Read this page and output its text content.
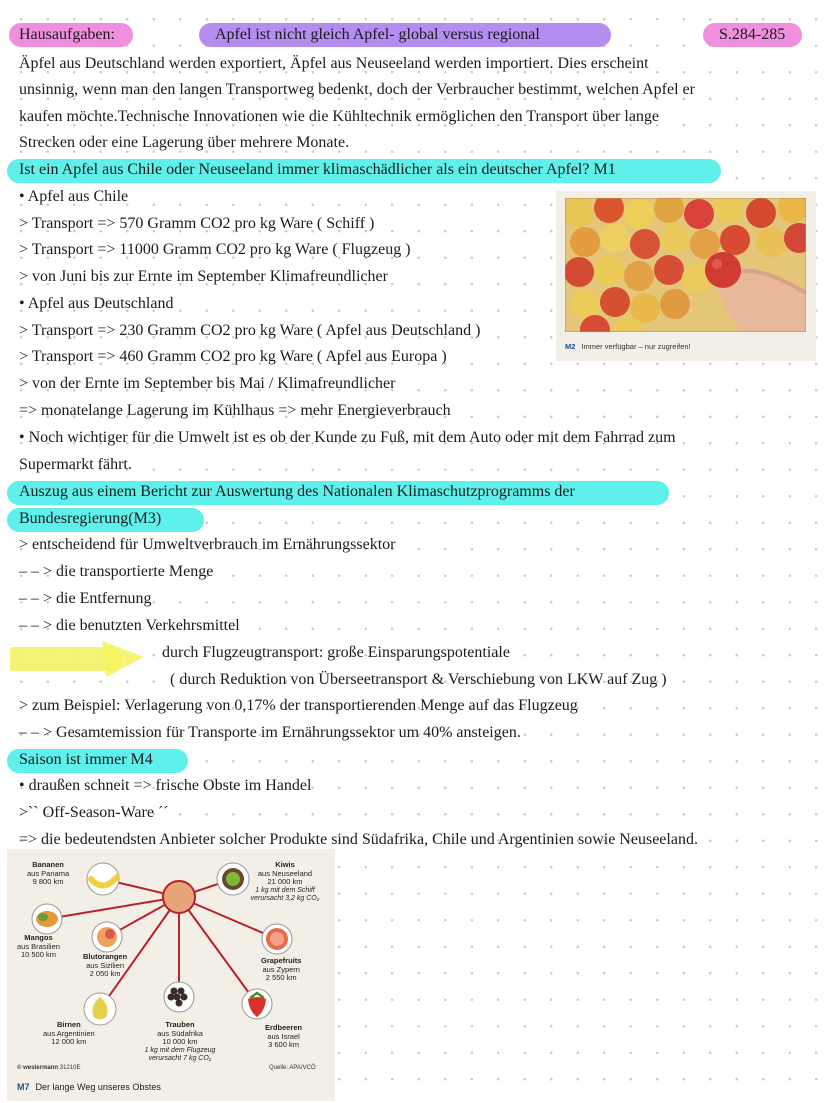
Hausaufgaben:	Apfel ist nicht gleich Apfel- global versus regional	S.284-285
Äpfel aus Deutschland werden exportiert, Äpfel aus Neuseeland werden importiert. Dies erscheint
unsinnig, wenn man den langen Transportweg bedenkt, doch der Verbraucher bestimmt, welchen Apfel er
kaufen möchte.Technische Innovationen wie die Kühltechnik ermöglichen den Transport über lange
Strecken oder eine Lagerung über mehrere Monate.
Ist ein Apfel aus Chile oder Neuseeland immer klimaschädlicher als ein deutscher Apfel? M1
• Apfel aus Chile
> Transport => 570 Gramm CO2 pro kg Ware ( Schiff )
> Transport => 11000 Gramm CO2 pro kg Ware ( Flugzeug )
> von Juni bis zur Ernte im September Klimafreundlicher
• Apfel aus Deutschland
> Transport => 230 Gramm CO2 pro kg Ware ( Apfel aus Deutschland )
> Transport => 460 Gramm CO2 pro kg Ware ( Apfel aus Europa )
> von der Ernte im September bis Mai / Klimafreundlicher
=> monatelange Lagerung im Kühlhaus => mehr Energieverbrauch
• Noch wichtiger für die Umwelt ist es ob der Kunde zu Fuß, mit dem Auto oder mit dem Fahrrad zum
Supermarkt fährt.
M2 Immer verfügbar – nur zugreifen!
Auszug aus einem Bericht zur Auswertung des Nationalen Klimaschutzprogramms der
Bundesregierung(M3)
> entscheidend für Umweltverbrauch im Ernährungssektor
– – > die transportierte Menge
– – > die Entfernung
– – > die benutzten Verkehrsmittel
durch Flugzeugtransport: große Einsparungspotentiale
( durch Reduktion von Überseetransport & Verschiebung von LKW auf Zug )
> zum Beispiel: Verlagerung von 0,17% der transportierenden Menge auf das Flugzeug
– – > Gesamtemission für Transporte im Ernährungssektor um 40% ansteigen.
Saison ist immer M4
• draußen schneit => frische Obste im Handel
>`` Off-Season-Ware ´´
=> die bedeutendsten Anbieter solcher Produkte sind Südafrika, Chile und Argentinien sowie Neuseeland.
Bananen
aus Panama
9 800 km
Mangos
aus Brasilien
10 500 km	Blutorangen
aus Sizilien
2 050 km
Birnen
aus Argentinien
12 000 km
Trauben
aus Südafrika
10 000 km
1 kg mit dem Flugzeug verursacht 7 kg CO₂
Erdbeeren
aus Israel
3 600 km
Grapefruits
aus Zypern
2 550 km
Kiwis
aus Neuseeland
21 000 km
1 kg mit dem Schiff verursacht 3,2 kg CO₂
© westermann 31210E	Quelle: APA/VCÖ
M7 Der lange Weg unseres Obstes
